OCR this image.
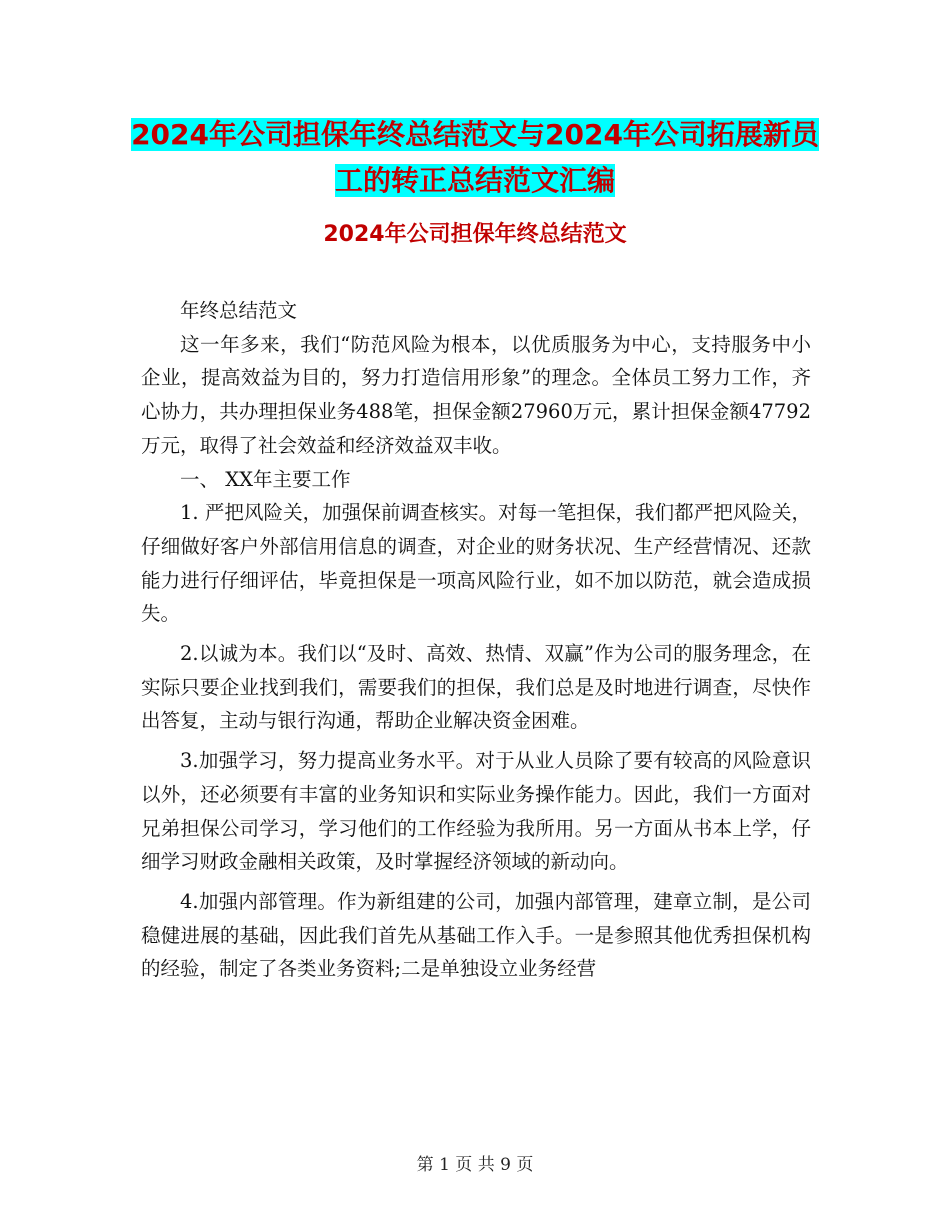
2024年公司担保年终总结范文与2024年公司拓展新员
工的转正总结范文汇编
2024年公司担保年终总结范文

年终总结范文

这一年多来，我们“防范风险为根本，以优质服务为中心，支持服务中小企业，提高效益为目的，努力打造信用形象”的理念。全体员工努力工作，齐心协力，共办理担保业务488笔，担保金额27960万元，累计担保金额47792万元，取得了社会效益和经济效益双丰收。

一、 XX年主要工作

1. 严把风险关，加强保前调查核实。对每一笔担保，我们都严把风险关，仔细做好客户外部信用信息的调查，对企业的财务状况、生产经营情况、还款能力进行仔细评估，毕竟担保是一项高风险行业，如不加以防范，就会造成损失。

2.以诚为本。我们以“及时、高效、热情、双赢”作为公司的服务理念，在实际只要企业找到我们，需要我们的担保，我们总是及时地进行调查，尽快作出答复，主动与银行沟通，帮助企业解决资金困难。

3.加强学习，努力提高业务水平。对于从业人员除了要有较高的风险意识以外，还必须要有丰富的业务知识和实际业务操作能力。因此，我们一方面对兄弟担保公司学习，学习他们的工作经验为我所用。另一方面从书本上学，仔细学习财政金融相关政策，及时掌握经济领域的新动向。

4.加强内部管理。作为新组建的公司，加强内部管理，建章立制，是公司稳健进展的基础，因此我们首先从基础工作入手。一是参照其他优秀担保机构的经验，制定了各类业务资料;二是单独设立业务经营

第 1 页 共 9 页
